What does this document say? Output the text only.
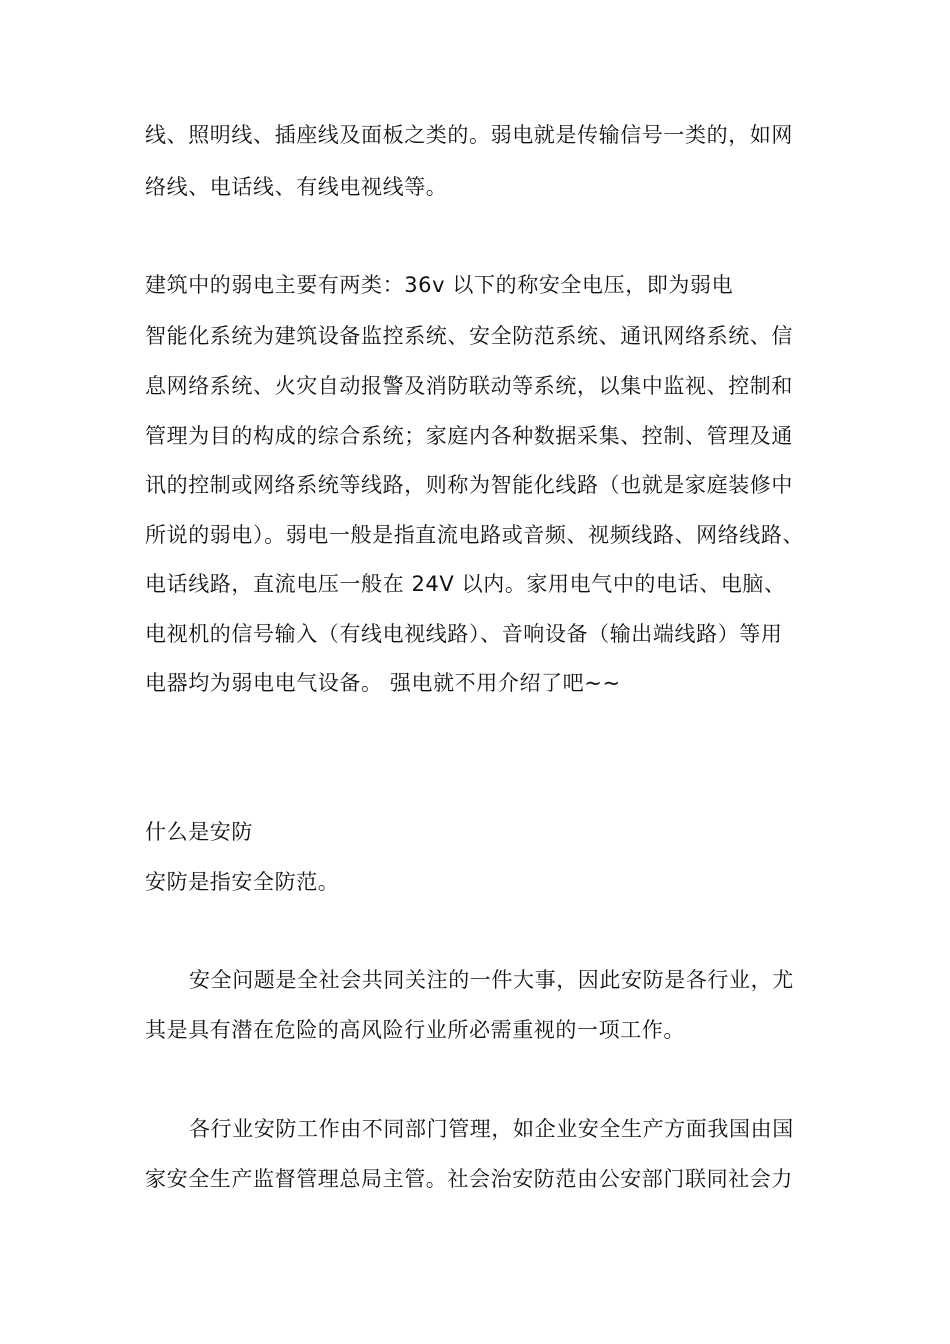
线、照明线、插座线及面板之类的。弱电就是传输信号一类的，如网
络线、电话线、有线电视线等。
建筑中的弱电主要有两类：36v 以下的称安全电压，即为弱电
智能化系统为建筑设备监控系统、安全防范系统、通讯网络系统、信
息网络系统、火灾自动报警及消防联动等系统，以集中监视、控制和
管理为目的构成的综合系统；家庭内各种数据采集、控制、管理及通
讯的控制或网络系统等线路，则称为智能化线路（也就是家庭装修中
所说的弱电）。弱电一般是指直流电路或音频、视频线路、网络线路、
电话线路，直流电压一般在 24V 以内。家用电气中的电话、电脑、
电视机的信号输入（有线电视线路）、音响设备（输出端线路）等用
电器均为弱电电气设备。 强电就不用介绍了吧~~
什么是安防
安防是指安全防范。
安全问题是全社会共同关注的一件大事，因此安防是各行业，尤
其是具有潜在危险的高风险行业所必需重视的一项工作。
各行业安防工作由不同部门管理，如企业安全生产方面我国由国
家安全生产监督管理总局主管。社会治安防范由公安部门联同社会力
